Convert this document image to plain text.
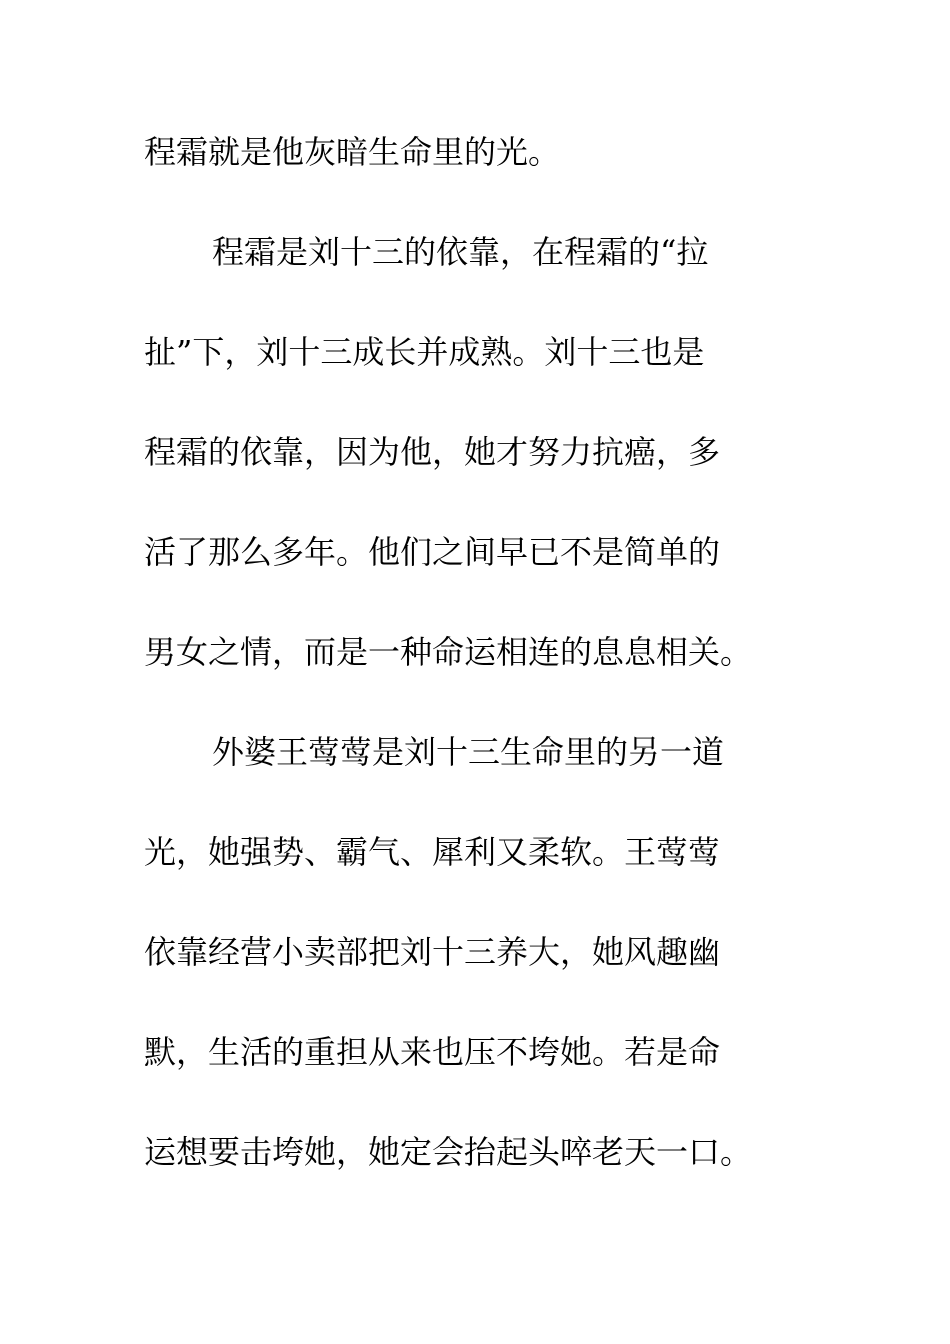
程霜就是他灰暗生命里的光。
程霜是刘十三的依靠，在程霜的“拉
扯”下，刘十三成长并成熟。刘十三也是
程霜的依靠，因为他，她才努力抗癌，多
活了那么多年。他们之间早已不是简单的
男女之情，而是一种命运相连的息息相关。
外婆王莺莺是刘十三生命里的另一道
光，她强势、霸气、犀利又柔软。王莺莺
依靠经营小卖部把刘十三养大，她风趣幽
默，生活的重担从来也压不垮她。若是命
运想要击垮她，她定会抬起头啐老天一口。
